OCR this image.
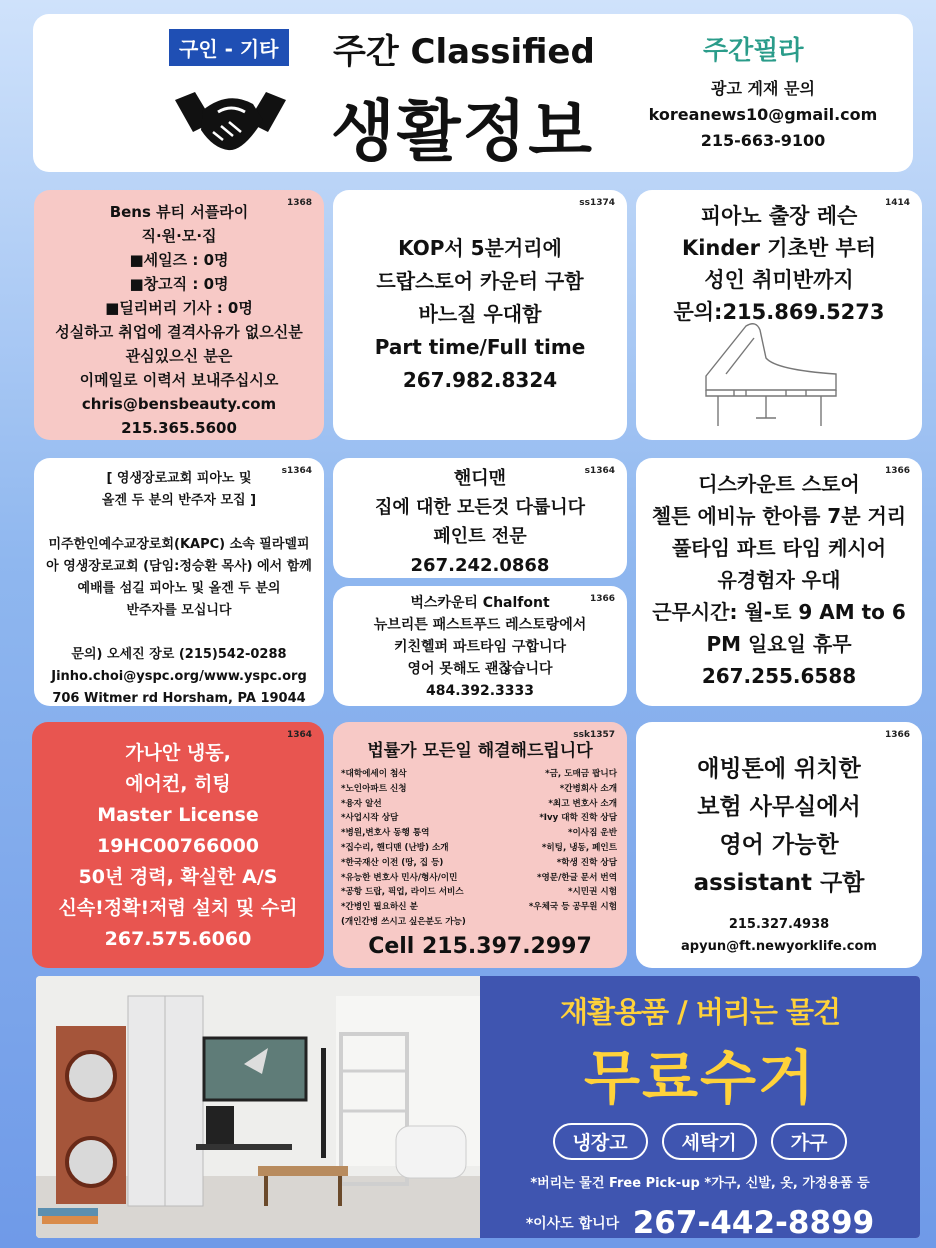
구인 - 기타 주간 Classified
생활정보
주간필라
광고 게재 문의
koreanews10@gmail.com
215-663-9100
1368
Bens 뷰티 서플라이
직·원·모·집
■세일즈 : 0명
■창고직 : 0명
■딜리버리 기사 : 0명
성실하고 취업에 결격사유가 없으신분
관심있으신 분은
이메일로 이력서 보내주십시오
chris@bensbeauty.com
215.365.5600
ss1374
KOP서 5분거리에
드랍스토어 카운터 구함
바느질 우대함
Part time/Full time
267.982.8324
1414
피아노 출장 레슨
Kinder 기초반 부터
성인 취미반까지
문의:215.869.5273
s1364
[ 영생장로교회 피아노 및
올겐 두 분의 반주자 모집 ]
미주한인예수교장로회(KAPC) 소속 필라델피
아 영생장로교회 (담임:정승환 목사) 에서 함께
예배를 섬길 피아노 및 올겐 두 분의
반주자를 모십니다
문의) 오세진 장로 (215)542-0288
Jinho.choi@yspc.org/www.yspc.org
706 Witmer rd Horsham, PA 19044
s1364
핸디맨
집에 대한 모든것 다룹니다
페인트 전문
267.242.0868
1366
벅스카운티 Chalfont
뉴브리튼 패스트푸드 레스토랑에서
키친헬퍼 파트타임 구합니다
영어 못해도 괜찮습니다
484.392.3333
1366
디스카운트 스토어
첼튼 에비뉴 한아름 7분 거리
풀타임 파트 타임 케시어
유경험자 우대
근무시간: 월-토 9 AM to 6
PM 일요일 휴무
267.255.6588
1364
가나안 냉동,
에어컨, 히팅
Master License
19HC00766000
50년 경력, 확실한 A/S
신속!정확!저렴 설치 및 수리
267.575.6060
ssk1357
법률가 모든일 해결해드립니다
*대학에세이 첨삭
*노인아파트 신청
*융자 알선
*사업시작 상담
*병원,변호사 동행 통역
*집수리, 핸디맨 (난방) 소개
*한국재산 이전 (땅, 집 등)
*유능한 변호사 민사/형사/이민
*공항 드랍, 픽업, 라이드 서비스
*간병인 필요하신 분
(개인간병 쓰시고 싶은분도 가능)
*금, 도매금 팝니다
*간병회사 소개
*최고 변호사 소개
*Ivy 대학 진학 상담
*이사짐 운반
*히팅, 냉동, 페인트
*학생 진학 상담
*영문/한글 문서 번역
*시민권 시험
*우체국 등 공무원 시험
Cell 215.397.2997
1366
애빙톤에 위치한
보험 사무실에서
영어 가능한
assistant 구함
215.327.4938
apyun@ft.newyorklife.com
재활용품 / 버리는 물건
무료수거
냉장고	세탁기	가구
*버리는 물건 Free Pick-up *가구, 신발, 옷, 가정용품 등
*이사도 합니다 267-442-8899
